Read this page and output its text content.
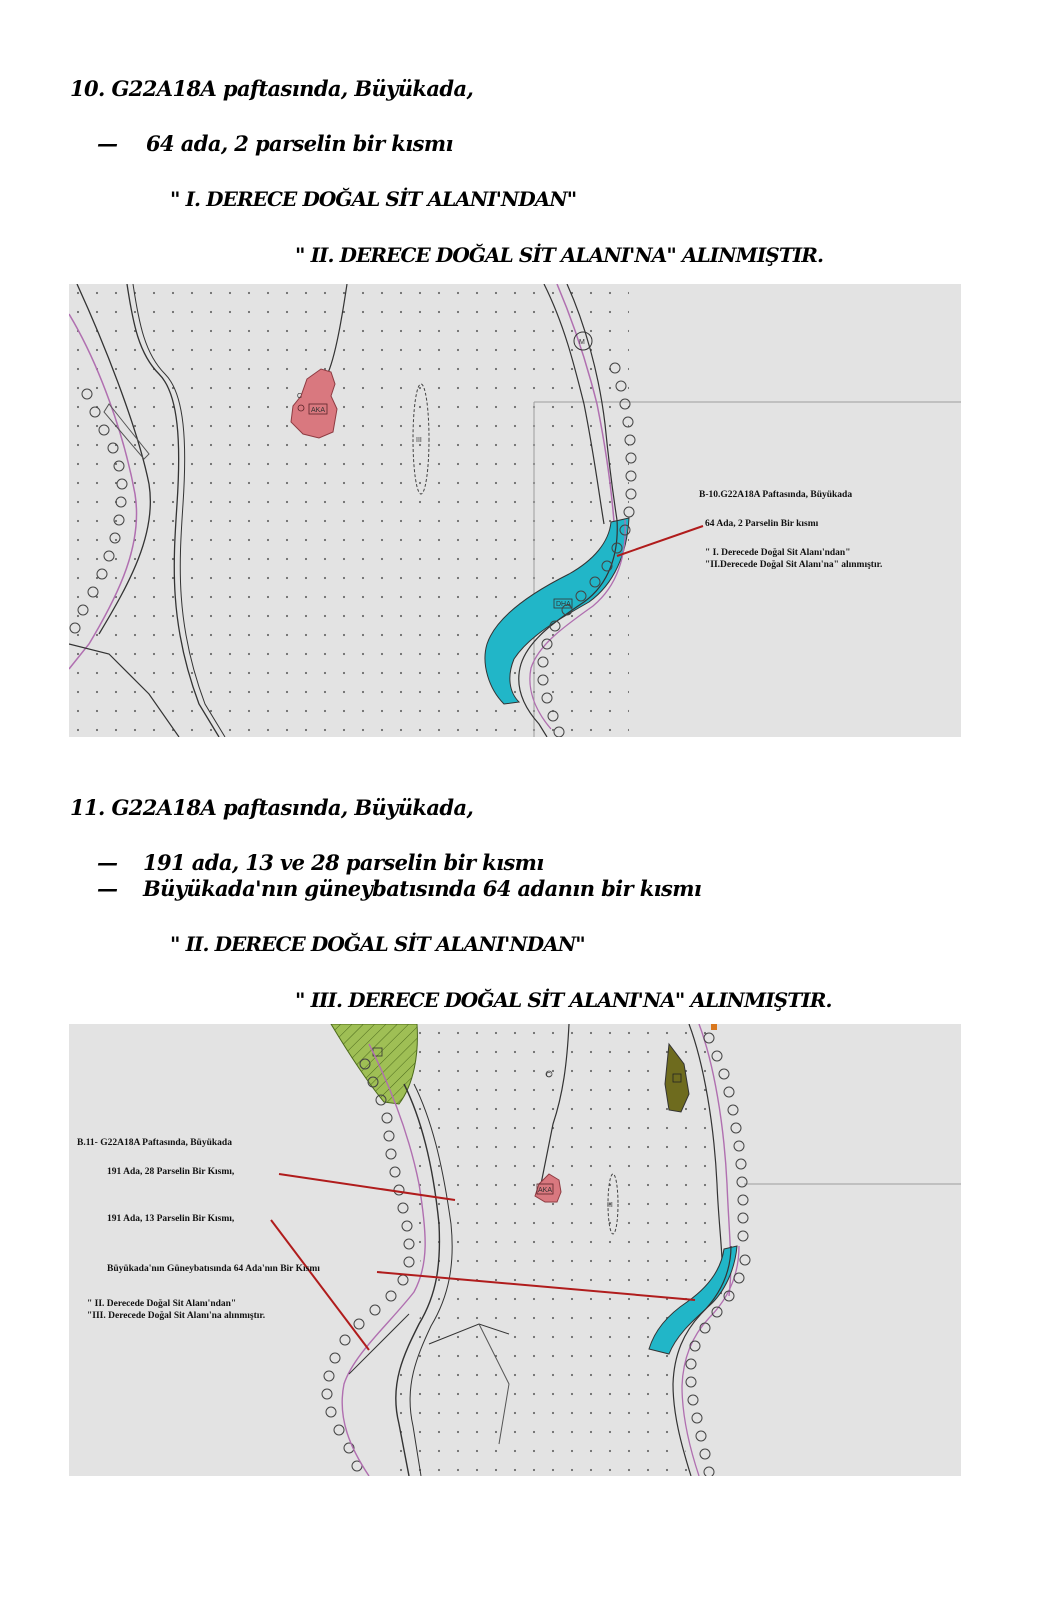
10. G22A18A paftasında, Büyükada,
— 64 ada, 2 parselin bir kısmı
" I. DERECE DOĞAL SİT ALANI'NDAN"
" II. DERECE DOĞAL SİT ALANI'NA" ALINMIŞTIR.
AKA
C
III
M
DHA
B-10.G22A18A Paftasında, Büyükada
64 Ada, 2 Parselin Bir kısmı
" I. Derecede Doğal Sit Alanı'ndan"
"II.Derecede Doğal Sit Alanı'na" alınmıştır.
11. G22A18A paftasında, Büyükada,
— 191 ada, 13 ve 28 parselin bir kısmı
— Büyükada'nın güneybatısında 64 adanın bir kısmı
" II. DERECE DOĞAL SİT ALANI'NDAN"
" III. DERECE DOĞAL SİT ALANI'NA" ALINMIŞTIR.
AKA
C
III
B.11- G22A18A Paftasında, Büyükada
191 Ada, 28 Parselin Bir Kısmı,
191 Ada, 13 Parselin Bir Kısmı,
Büyükada'nın Güneybatısında 64 Ada'nın Bir Kısmı
" II. Derecede Doğal Sit Alanı'ndan"
"III. Derecede Doğal Sit Alanı'na alınmıştır.
